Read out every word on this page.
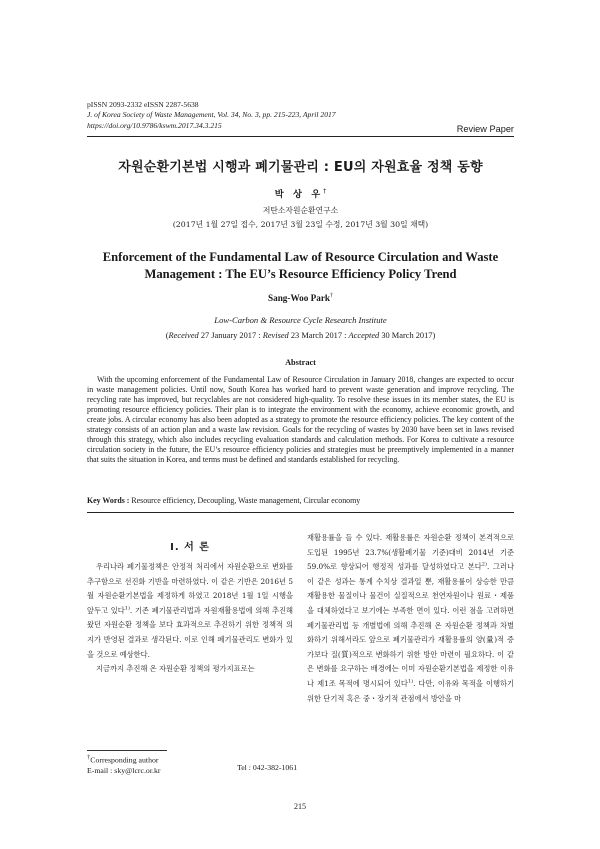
pISSN 2093-2332 eISSN 2287-5638
J. of Korea Society of Waste Management, Vol. 34, No. 3, pp. 215-223, April 2017
https://doi.org/10.9786/kswm.2017.34.3.215	Review Paper
자원순환기본법 시행과 폐기물관리 : EU의 자원효율 정책 동향
박 상 우†
저탄소자원순환연구소
(2017년 1월 27일 접수, 2017년 3월 23일 수정, 2017년 3월 30일 채택)
Enforcement of the Fundamental Law of Resource Circulation and Waste
Management : The EU’s Resource Efficiency Policy Trend
Sang-Woo Park†
Low-Carbon & Resource Cycle Research Institute
(Received 27 January 2017 : Revised 23 March 2017 : Accepted 30 March 2017)
Abstract
With the upcoming enforcement of the Fundamental Law of Resource Circulation in January 2018, changes are expected to occur in waste management policies. Until now, South Korea has worked hard to prevent waste generation and improve recycling. The recycling rate has improved, but recyclables are not considered high-quality. To resolve these issues in its member states, the EU is promoting resource efficiency policies. Their plan is to integrate the environment with the economy, achieve economic growth, and create jobs. A circular economy has also been adopted as a strategy to promote the resource efficiency policies. The key content of the strategy consists of an action plan and a waste law revision. Goals for the recycling of wastes by 2030 have been set in laws revised through this strategy, which also includes recycling evaluation standards and calculation methods. For Korea to cultivate a resource circulation society in the future, the EU’s resource efficiency policies and strategies must be preemptively implemented in a manner that suits the situation in Korea, and terms must be defined and standards established for recycling.
Key Words : Resource efficiency, Decoupling, Waste management, Circular economy
I. 서 론

우리나라 폐기물정책은 안정적 처리에서 자원순환으로 변화를 추구함으로 선진화 기반을 마련하였다. 이 같은 기반은 2016년 5월 자원순환기본법을 제정하게 하였고 2018년 1월 1일 시행을 앞두고 있다$^{1)}$. 기존 폐기물관리법과 자원재활용법에 의해 추진해왔던 자원순환 정책을 보다 효과적으로 추진하기 위한 정책적 의지가 반영된 결과로 생각된다. 이로 인해 폐기물관리도 변화가 있을 것으로 예상한다.

지금까지 추진해 온 자원순환 정책의 평가지표로는

재활용률을 들 수 있다. 재활용률은 자원순환 정책이 본격적으로 도입된 1995년 23.7%(생활폐기물 기준)대비 2014년 기준 59.0%로 향상되어 행정적 성과를 달성하였다고 본다$^{2)}$. 그러나 이 같은 성과는 통계 수치상 결과일 뿐, 재활용률이 상승한 만큼 재활용한 물질이나 물건이 실질적으로 천연자원이나 원료・제품을 대체하였다고 보기에는 부족한 면이 있다. 이런 점을 고려하면 폐기물관리법 등 개별법에 의해 추진해 온 자원순환 정책과 차별화하기 위해서라도 앞으로 폐기물관리가 재활용률의 양(量)적 증가보다 질(質)적으로 변화하기 위한 방안 마련이 필요하다. 이 같은 변화를 요구하는 배경에는 이미 자원순환기본법을 제정한 이유나 제1조 목적에 명시되어 있다$^{1)}$. 다만, 이유와 목적을 이행하기 위한 단기적 혹은 중・장기적 관점에서 방안을 마

†Corresponding author
E-mail : sky@lcrc.or.kr	Tel : 042-382-1061
215
